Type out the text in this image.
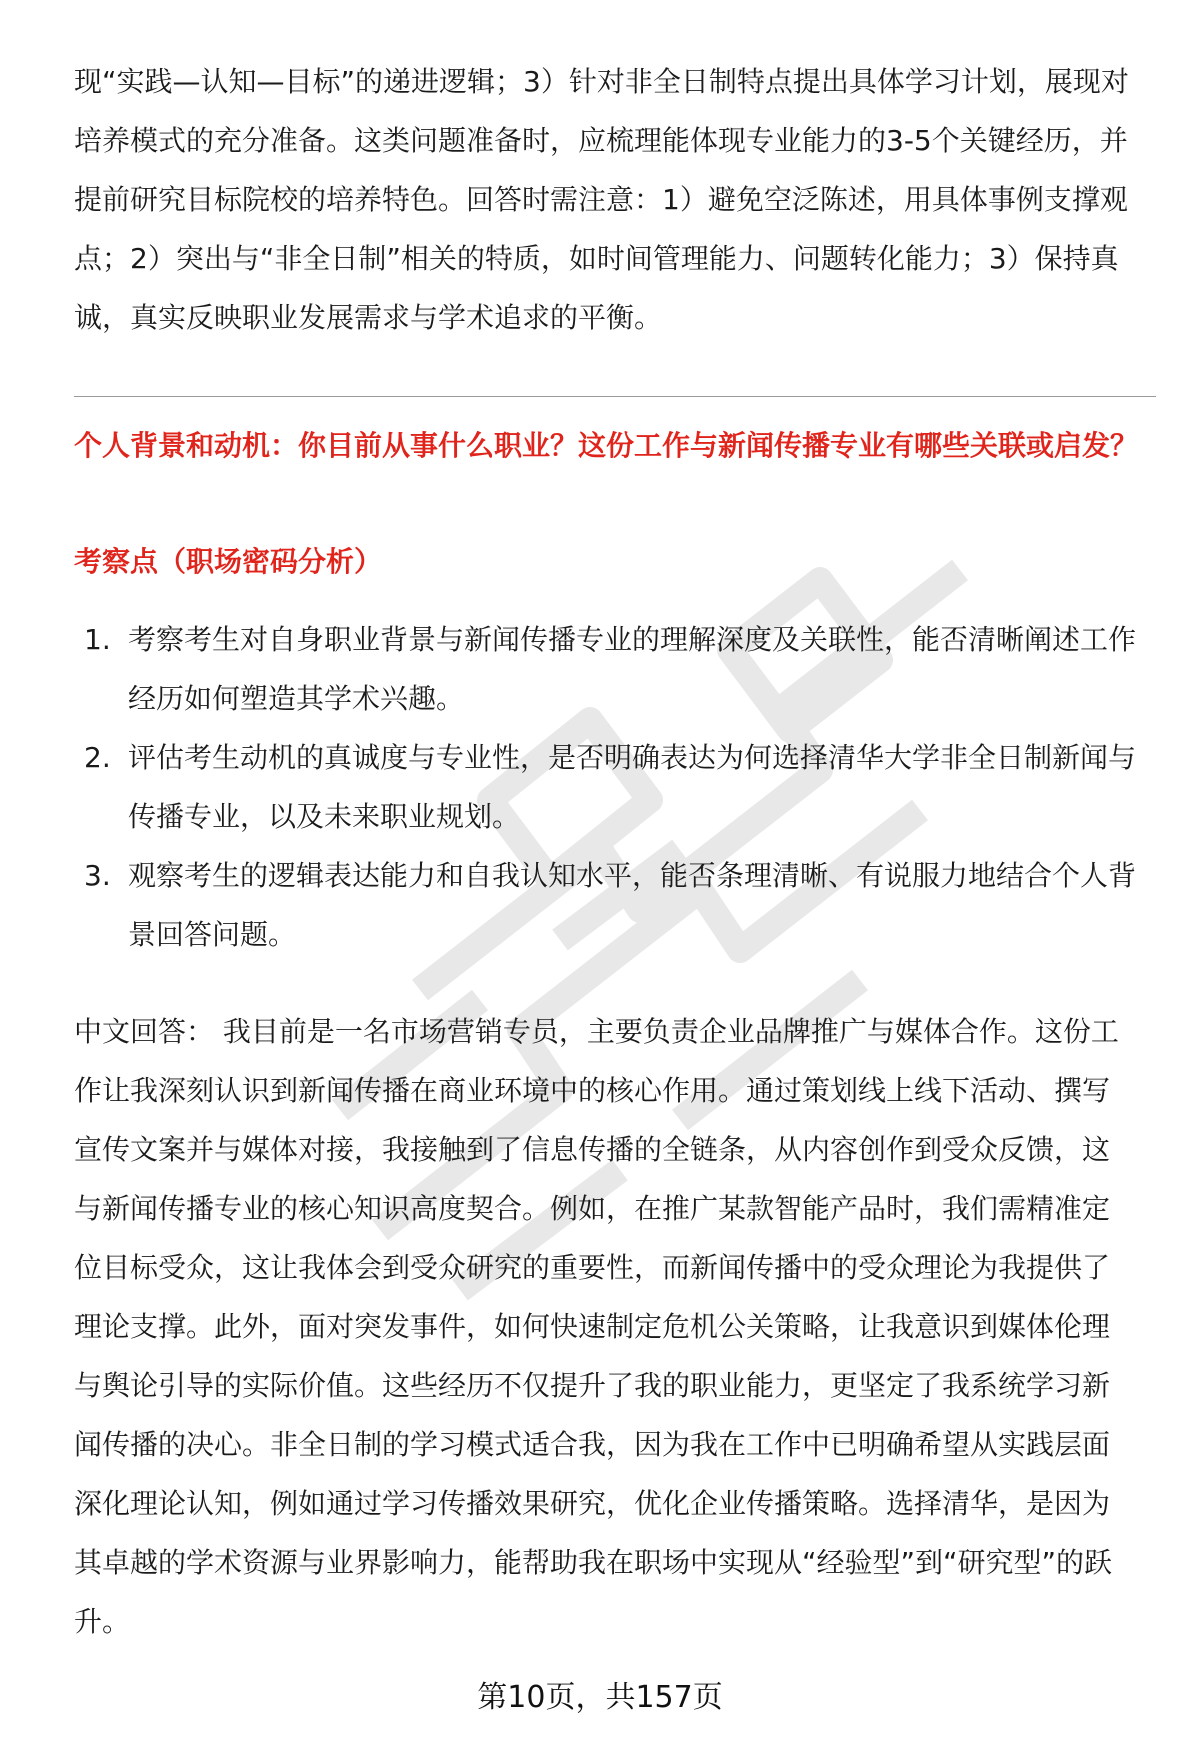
现“实践—认知—目标”的递进逻辑；3）针对非全日制特点提出具体学习计划，展现对培养模式的充分准备。这类问题准备时，应梳理能体现专业能力的3-5个关键经历，并提前研究目标院校的培养特色。回答时需注意：1）避免空泛陈述，用具体事例支撑观点；2）突出与“非全日制”相关的特质，如时间管理能力、问题转化能力；3）保持真诚，真实反映职业发展需求与学术追求的平衡。

个人背景和动机：你目前从事什么职业？这份工作与新闻传播专业有哪些关联或启发？

考察点（职场密码分析）

1. 考察考生对自身职业背景与新闻传播专业的理解深度及关联性，能否清晰阐述工作经历如何塑造其学术兴趣。
2. 评估考生动机的真诚度与专业性，是否明确表达为何选择清华大学非全日制新闻与传播专业，以及未来职业规划。
3. 观察考生的逻辑表达能力和自我认知水平，能否条理清晰、有说服力地结合个人背景回答问题。

中文回答： 我目前是一名市场营销专员，主要负责企业品牌推广与媒体合作。这份工作让我深刻认识到新闻传播在商业环境中的核心作用。通过策划线上线下活动、撰写宣传文案并与媒体对接，我接触到了信息传播的全链条，从内容创作到受众反馈，这与新闻传播专业的核心知识高度契合。例如，在推广某款智能产品时，我们需精准定位目标受众，这让我体会到受众研究的重要性，而新闻传播中的受众理论为我提供了理论支撑。此外，面对突发事件，如何快速制定危机公关策略，让我意识到媒体伦理与舆论引导的实际价值。这些经历不仅提升了我的职业能力，更坚定了我系统学习新闻传播的决心。非全日制的学习模式适合我，因为我在工作中已明确希望从实践层面深化理论认知，例如通过学习传播效果研究，优化企业传播策略。选择清华，是因为其卓越的学术资源与业界影响力，能帮助我在职场中实现从“经验型”到“研究型”的跃升。

第10页，共157页
